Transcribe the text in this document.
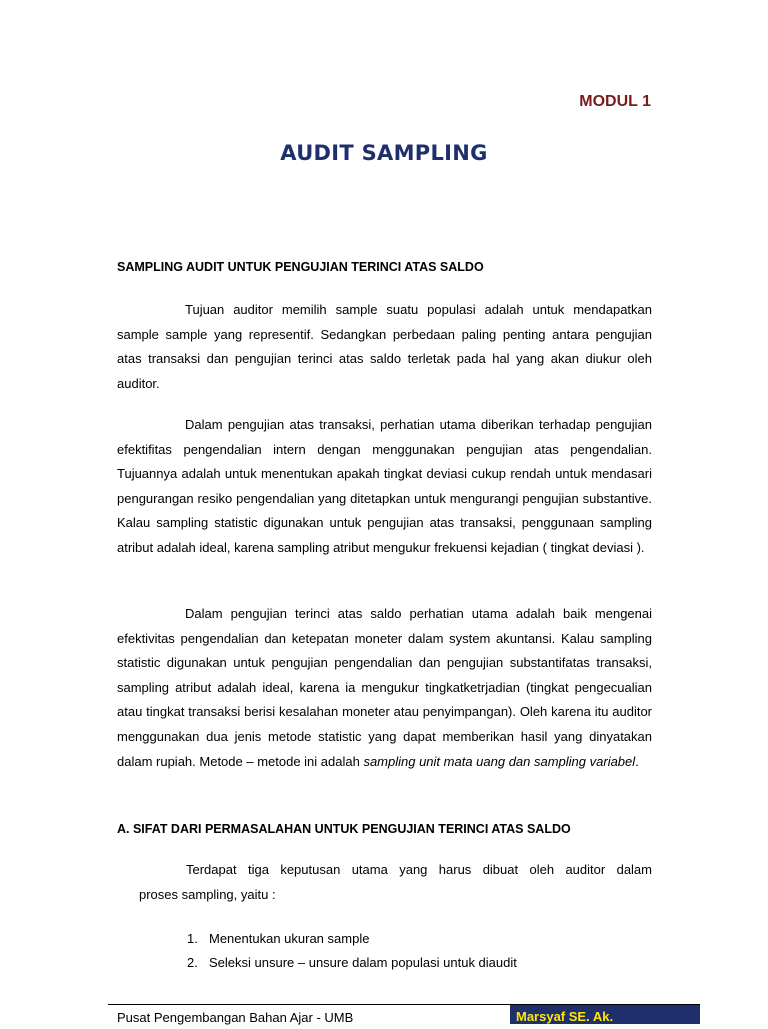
MODUL 1
AUDIT SAMPLING
SAMPLING AUDIT UNTUK PENGUJIAN TERINCI ATAS SALDO
Tujuan auditor memilih sample suatu populasi adalah untuk mendapatkan sample sample yang representif. Sedangkan perbedaan paling penting antara pengujian atas transaksi dan pengujian terinci atas saldo terletak pada hal yang akan diukur oleh auditor.
Dalam pengujian atas transaksi, perhatian utama diberikan terhadap pengujian efektifitas pengendalian intern dengan menggunakan pengujian atas pengendalian. Tujuannya adalah untuk menentukan apakah tingkat deviasi cukup rendah untuk mendasari pengurangan resiko pengendalian yang ditetapkan untuk mengurangi pengujian substantive. Kalau sampling statistic digunakan untuk pengujian atas transaksi, penggunaan sampling atribut adalah ideal, karena sampling atribut mengukur frekuensi kejadian ( tingkat deviasi ).
Dalam pengujian terinci atas saldo perhatian utama adalah baik mengenai efektivitas pengendalian dan ketepatan moneter dalam system akuntansi. Kalau sampling statistic digunakan untuk pengujian pengendalian dan pengujian substantifatas transaksi, sampling atribut adalah ideal, karena ia mengukur tingkatketrjadian (tingkat pengecualian atau tingkat transaksi berisi kesalahan moneter atau penyimpangan). Oleh karena itu auditor menggunakan dua jenis metode statistic yang dapat memberikan hasil yang dinyatakan dalam rupiah. Metode – metode ini adalah sampling unit mata uang dan sampling variabel.
A. SIFAT DARI PERMASALAHAN UNTUK PENGUJIAN TERINCI ATAS SALDO
Terdapat tiga keputusan utama yang harus dibuat oleh auditor dalam
proses sampling, yaitu :
1. Menentukan ukuran sample
2. Seleksi unsure – unsure dalam populasi untuk diaudit
Pusat Pengembangan Bahan Ajar - UMB	Marsyaf SE. Ak.
